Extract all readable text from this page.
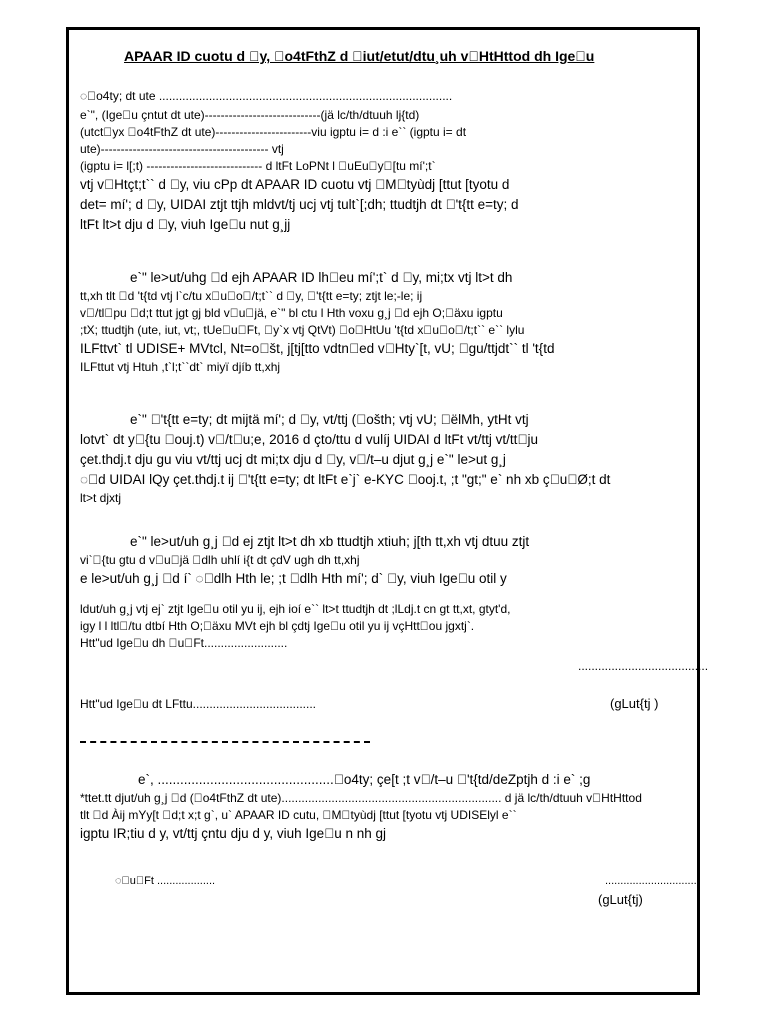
APAAR ID cuotu d  y,  o4tFthZ d  iut/etut/dtu¸uh v HtHttod dh Ige u

◌ o4ty; dt ute ........................................................................................

e`", (Ige u çntut dt ute)-----------------------------(jä lc/th/dtuuh lj{td)

(utct yx  o4tFthZ dt ute)------------------------viu igptu i= d :i e`` (igptu i= dt

ute)------------------------------------------ vtj

(igptu i= l[;t) ----------------------------- d ltFt LoPNt l  uEu y [tu mí';t`

vtj v Htçt;t`` d  y, viu cPp dt APAAR ID cuotu vtj  M tyùdj [ttut [tyotu d

det= mí'; d  y, UIDAI ztjt ttjh mldvt/tj ucj vtj tult`[;dh; ttudtjh dt  't{tt e=ty; d

ltFt lt>t dju d  y, viuh Ige u nut g¸jj

e`" le>ut/uhg  d ejh APAAR ID lh eu mí';t` d  y, mi;tx vtj lt>t dh

tt,xh tlt  d 't{td vtj l`c/tu x u o /t;t`` d  y,  't{tt e=ty; ztjt le;-le; ij

v /tl pu  d;t ttut jgt gj bld v u jä, e`" bl ctu l Hth voxu g¸j  d ejh O; äxu igptu

;tX; ttudtjh (ute, iut, vt;, tUe u Ft,  y`x vtj QtVt)  o HtUu 't{td x u o /t;t`` e`` lylu

ILFttvt` tl UDISE+ MVtcl, Nt=o št, j[tj[tto vdtn ed v Hty`[t, vU;  gu/ttjdt`` tl 't{td

ILFttut vtj Htuh ,t`l;t``dt` miyï djíb tt,xhj

e`"  't{tt e=ty; dt mijtä mí'; d  y, vt/ttj ( ošth; vtj vU;  ëlMh, ytHt vtj

lotvt` dt y {tu  ouj.t) v /t u;e, 2016 d çto/ttu d vulíj UIDAI d ltFt vt/ttj vt/tt ju

çet.thdj.t dju gu viu vt/ttj ucj dt mi;tx dju d  y, v /t–u djut g¸j e`" le>ut g¸j

◌ d UIDAI lQy çet.thdj.t ij  't{tt e=ty; dt ltFt e`j` e-KYC  ooj.t, ;t "gt;" e` nh xb ç u Ø;t dt

lt>t djxtj

e`" le>ut/uh g¸j  d ej ztjt lt>t dh xb ttudtjh xtiuh; j[th tt,xh vtj dtuu ztjt

vi` {tu gtu d v u jä  dlh uhlí i{t dt çdV ugh dh tt,xhj

e le>ut/uh g¸j  d í` ◌ dlh Hth le; ;t  dlh Hth mí'; d`  y, viuh Ige u otil y

ldut/uh g¸j vtj ej` ztjt Ige u otil yu ij, ejh ioí e`` lt>t ttudtjh dt ;lLdj.t cn gt tt,xt, gtyt'd,

igy l l ltl /tu dtbí Hth O; äxu MVt ejh bl çdtj Ige u otil yu ij vçHtt ou jgxtj`.

Htt"ud Ige u dh  u Ft.........................

.......................................
Htt"ud Ige u dt LFttu.....................................	(gLut{tj )

e`, ............................................... o4ty; çe[t ;t v /t–u  't{td/deZptjh d :i e` ;g

*ttet.tt djut/uh g¸j  d ( o4tFthZ dt ute).................................................................. d jä lc/th/dtuuh v HtHttod

tlt  d Àij mYy[t  d;t x;t g`, u` APAAR ID cutu,  M tyùdj [ttut [tyotu vtj UDISElyl e``

igptu IR;tiu d y, vt/ttj çntu dju d y, viuh Ige u n nh gj

◌ u Ft ...................	...............................
(gLut{tj)
